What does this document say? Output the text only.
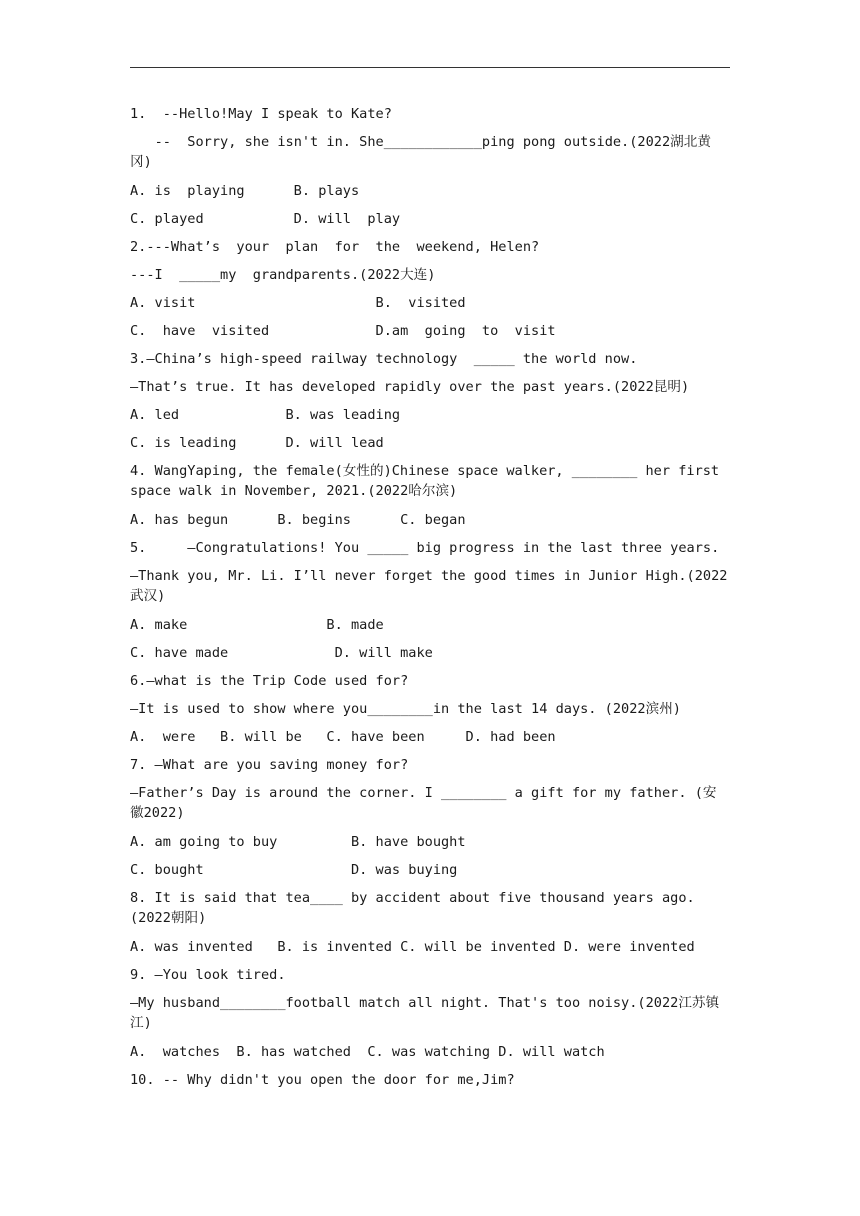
1.  --Hello!May I speak to Kate?
--  Sorry, she isn't in. She____________ping pong outside.(2022湖北黄冈)
A. is  playing      B. plays
C. played           D. will  play
2.---What’s  your  plan  for  the  weekend, Helen?
---I  _____my  grandparents.(2022大连)
A. visit                      B.  visited
C.  have  visited             D.am  going  to  visit
3.—China’s high-speed railway technology  _____ the world now.
—That’s true. It has developed rapidly over the past years.(2022昆明)
A. led             B. was leading
C. is leading      D. will lead
4. WangYaping, the female(女性的)Chinese space walker, ________ her first space walk in November, 2021.(2022哈尔滨)
A. has begun      B. begins      C. began
5.     —Congratulations! You _____ big progress in the last three years.
—Thank you, Mr. Li. I’ll never forget the good times in Junior High.(2022武汉)
A. make                 B. made
C. have made             D. will make
6.—what is the Trip Code used for?
—It is used to show where you________in the last 14 days. (2022滨州)
A.  were   B. will be   C. have been     D. had been
7. —What are you saving money for?
—Father’s Day is around the corner. I ________ a gift for my father. (安徽2022)
A. am going to buy         B. have bought
C. bought                  D. was buying
8. It is said that tea____ by accident about five thousand years ago. (2022朝阳)
A. was invented   B. is invented C. will be invented D. were invented
9. —You look tired.
—My husband________football match all night. That's too noisy.(2022江苏镇江)
A.  watches  B. has watched  C. was watching D. will watch
10. -- Why didn't you open the door for me,Jim?
